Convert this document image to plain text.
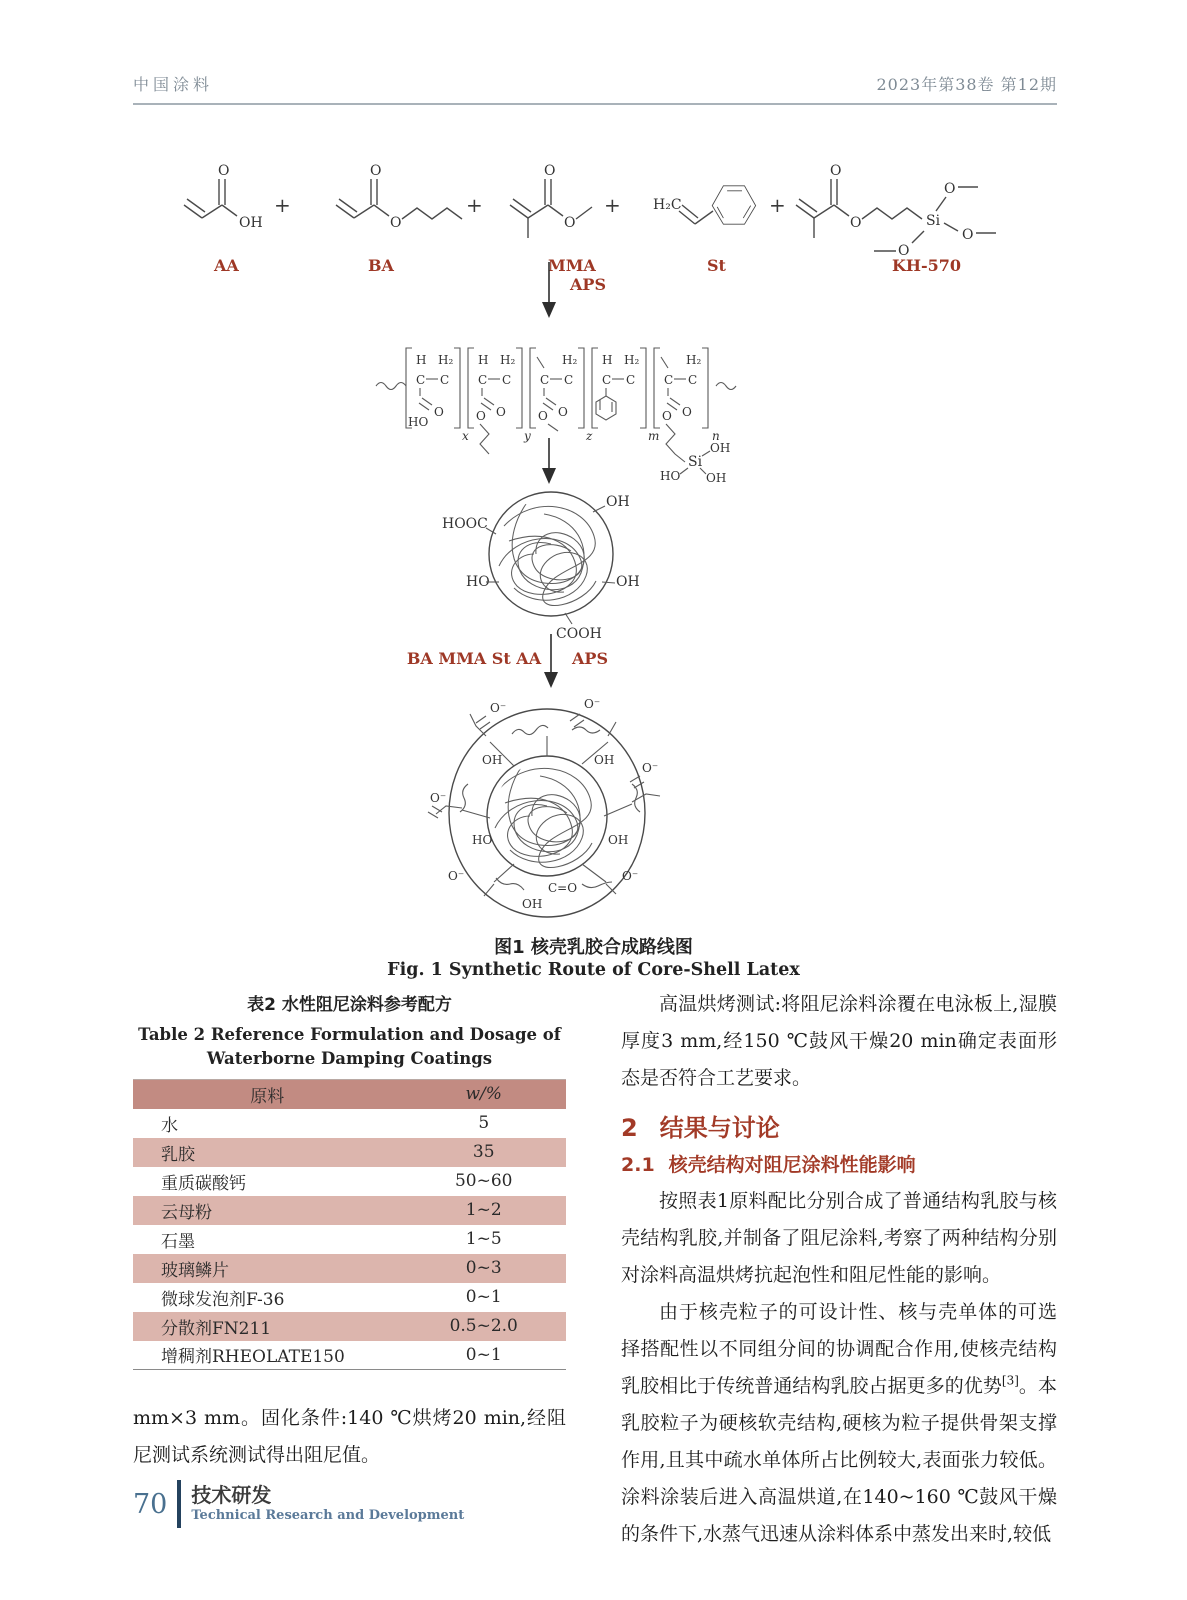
中国涂料	2023年第38卷 第12期
O
OH
AA
+
O
O
BA
+
O
O
MMA
+ H₂C
St
+
O
O	Si
O
O
O
KH-570
APS
H H₂
C C
O
HO
x
H H₂
C C
O
O
y
H₂
C C
O
O
z
H H₂
C C
m
H₂
C C
O
O
Si
OH
HO OH
n
HOOC
OH
HO	OH
COOH
BA MMA St AA APS
O⁻	O⁻
O⁻
O⁻
O⁻	O⁻
OH	OH
HO	OH
C=O
OH
图1 核壳乳胶合成路线图
Fig. 1 Synthetic Route of Core-Shell Latex
表2 水性阻尼涂料参考配方
Table 2 Reference Formulation and Dosage of
Waterborne Damping Coatings
原料	w/%
水	5
乳胶	35
重质碳酸钙	50~60
云母粉	1~2
石墨	1~5
玻璃鳞片	0~3
微球发泡剂F-36	0~1
分散剂FN211	0.5~2.0
增稠剂RHEOLATE150	0~1

mm×3 mm。固化条件:140 ℃烘烤20 min,经阻尼测试系统测试得出阻尼值。

高温烘烤测试:将阻尼涂料涂覆在电泳板上,湿膜厚度3 mm,经150 ℃鼓风干燥20 min确定表面形态是否符合工艺要求。

2 结果与讨论
2.1 核壳结构对阻尼涂料性能影响

按照表1原料配比分别合成了普通结构乳胶与核壳结构乳胶,并制备了阻尼涂料,考察了两种结构分别对涂料高温烘烤抗起泡性和阻尼性能的影响。

由于核壳粒子的可设计性、核与壳单体的可选择搭配性以不同组分间的协调配合作用,使核壳结构乳胶相比于传统普通结构乳胶占据更多的优势[3]。本乳胶粒子为硬核软壳结构,硬核为粒子提供骨架支撑作用,且其中疏水单体所占比例较大,表面张力较低。涂料涂装后进入高温烘道,在140~160 ℃鼓风干燥的条件下,水蒸气迅速从涂料体系中蒸发出来时,较低

70 技术研发
Technical Research and Development
